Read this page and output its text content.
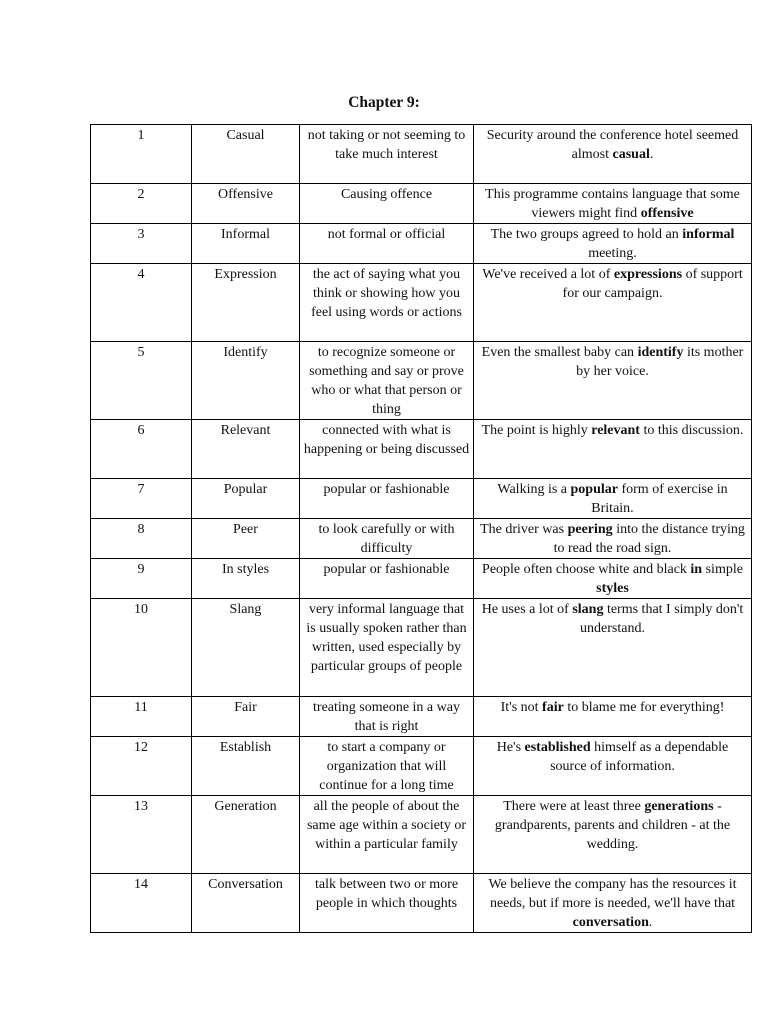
Chapter 9:
1	Casual	not taking or not seeming to take much interest	Security around the conference hotel seemed almost casual.
2	Offensive	Causing offence	This programme contains language that some viewers might find offensive
3	Informal	not formal or official	The two groups agreed to hold an informal meeting.
4	Expression	the act of saying what you think or showing how you feel using words or actions	We've received a lot of expressions of support for our campaign.
5	Identify	to recognize someone or something and say or prove who or what that person or thing	Even the smallest baby can identify its mother by her voice.
6	Relevant	connected with what is happening or being discussed	The point is highly relevant to this discussion.
7	Popular	popular or fashionable	Walking is a popular form of exercise in Britain.
8	Peer	to look carefully or with difficulty	The driver was peering into the distance trying to read the road sign.
9	In styles	popular or fashionable	People often choose white and black in simple styles
10	Slang	very informal language that is usually spoken rather than written, used especially by particular groups of people	He uses a lot of slang terms that I simply don't understand.
11	Fair	treating someone in a way that is right	It's not fair to blame me for everything!
12	Establish	to start a company or organization that will continue for a long time	He's established himself as a dependable source of information.
13	Generation	all the people of about the same age within a society or within a particular family	There were at least three generations - grandparents, parents and children - at the wedding.
14	Conversation	talk between two or more people in which thoughts	We believe the company has the resources it needs, but if more is needed, we'll have that conversation.
